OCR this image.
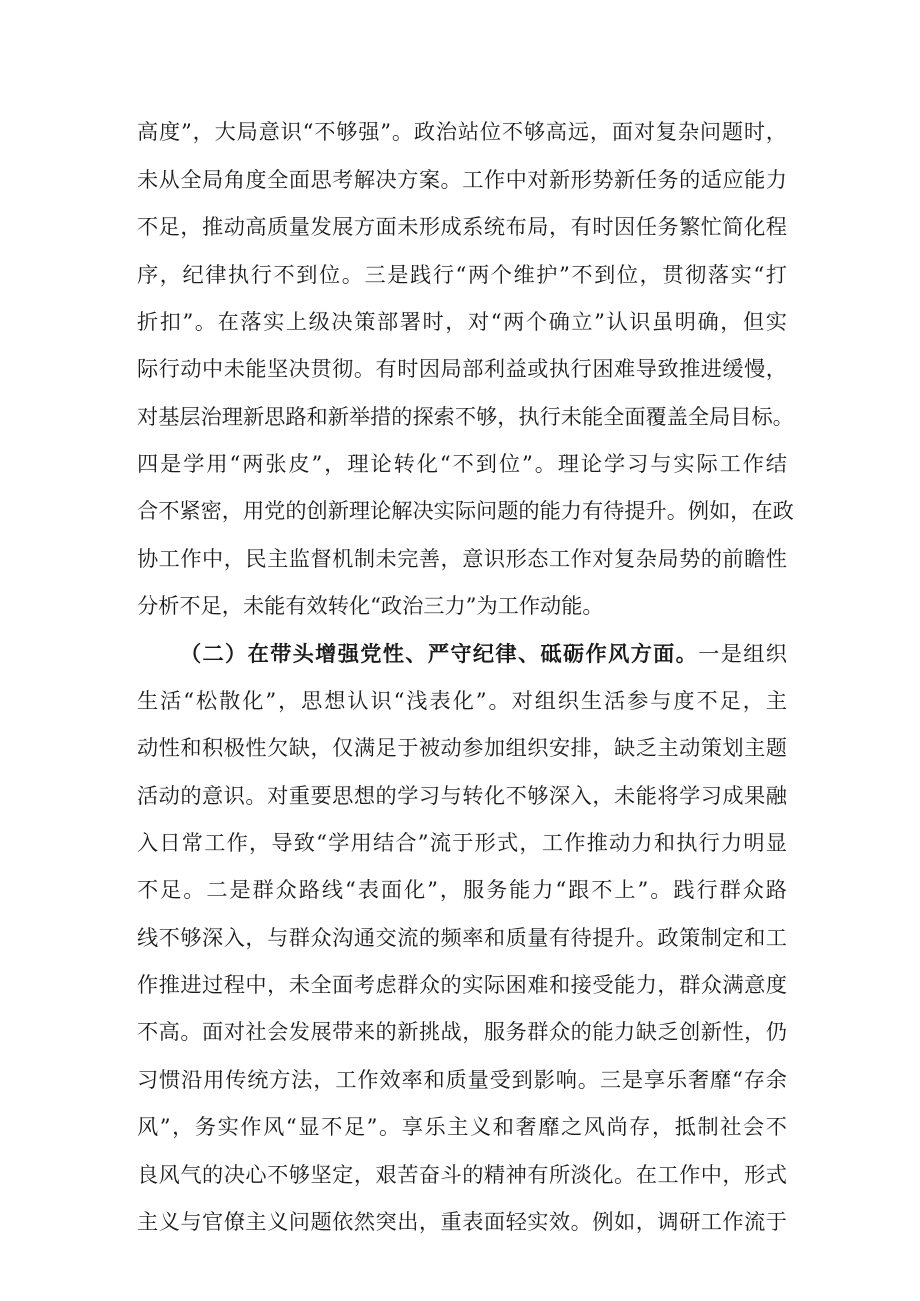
高度”，大局意识“不够强”。政治站位不够高远，面对复杂问题时，
未从全局角度全面思考解决方案。工作中对新形势新任务的适应能力
不足，推动高质量发展方面未形成系统布局，有时因任务繁忙简化程
序，纪律执行不到位。三是践行“两个维护”不到位，贯彻落实“打
折扣”。在落实上级决策部署时，对“两个确立”认识虽明确，但实
际行动中未能坚决贯彻。有时因局部利益或执行困难导致推进缓慢，
对基层治理新思路和新举措的探索不够，执行未能全面覆盖全局目标。
四是学用“两张皮”，理论转化“不到位”。理论学习与实际工作结
合不紧密，用党的创新理论解决实际问题的能力有待提升。例如，在政
协工作中，民主监督机制未完善，意识形态工作对复杂局势的前瞻性
分析不足，未能有效转化“政治三力”为工作动能。
（二）在带头增强党性、严守纪律、砥砺作风方面。一是组织
生活“松散化”，思想认识“浅表化”。对组织生活参与度不足，主
动性和积极性欠缺，仅满足于被动参加组织安排，缺乏主动策划主题
活动的意识。对重要思想的学习与转化不够深入，未能将学习成果融
入日常工作，导致“学用结合”流于形式，工作推动力和执行力明显
不足。二是群众路线“表面化”，服务能力“跟不上”。践行群众路
线不够深入，与群众沟通交流的频率和质量有待提升。政策制定和工
作推进过程中，未全面考虑群众的实际困难和接受能力，群众满意度
不高。面对社会发展带来的新挑战，服务群众的能力缺乏创新性，仍
习惯沿用传统方法，工作效率和质量受到影响。三是享乐奢靡“存余
风”，务实作风“显不足”。享乐主义和奢靡之风尚存，抵制社会不
良风气的决心不够坚定，艰苦奋斗的精神有所淡化。在工作中，形式
主义与官僚主义问题依然突出，重表面轻实效。例如，调研工作流于
